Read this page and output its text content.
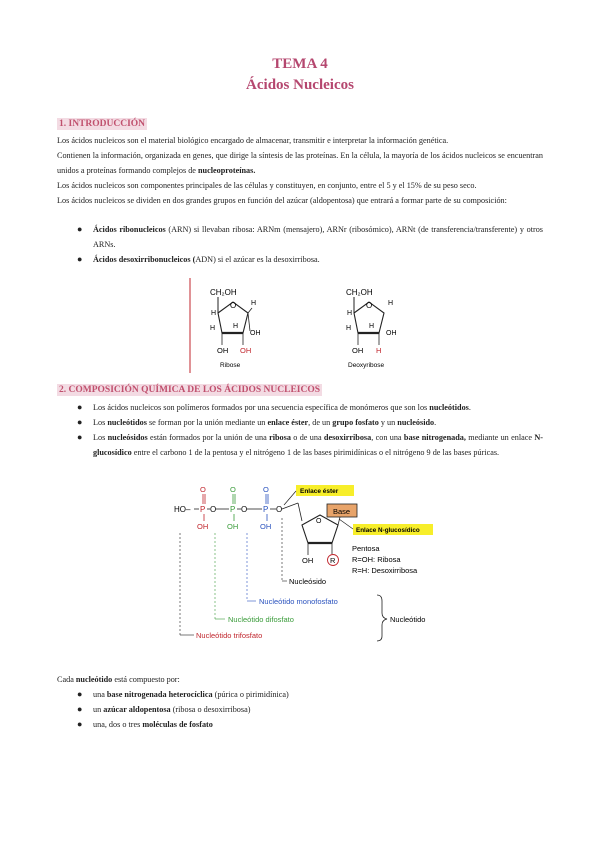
TEMA 4
Ácidos Nucleicos
1. INTRODUCCIÓN
Los ácidos nucleicos son el material biológico encargado de almacenar, transmitir e interpretar la información genética.
Contienen la información, organizada en genes, que dirige la síntesis de las proteínas. En la célula, la mayoría de los ácidos nucleicos se encuentran unidos a proteínas formando complejos de nucleoproteínas.
Los ácidos nucleicos son componentes principales de las células y constituyen, en conjunto, entre el 5 y el 15% de su peso seco.
Los ácidos nucleicos se dividen en dos grandes grupos en función del azúcar (aldopentosa) que entrará a formar parte de su composición:
● Ácidos ribonucleicos (ARN) si llevaban ribosa: ARNm (mensajero), ARNr (ribosómico), ARNt (de transferencia/transferente) y otros ARNs.
● Ácidos desoxirribonucleicos (ADN) si el azúcar es la desoxirribosa.
CH₂OH
O
H
H
OH
H	H
OH OH
Ribose
CH₂OH
O
H
H
OH
H	H
OH H
Deoxyribose
2. COMPOSICIÓN QUÍMICA DE LOS ÁCIDOS NUCLEICOS
● Los ácidos nucleicos son polímeros formados por una secuencia específica de monómeros que son los nucleótidos.
● Los nucleótidos se forman por la unión mediante un enlace éster, de un grupo fosfato y un nucleósido.
● Los nucleósidos están formados por la unión de una ribosa o de una desoxirribosa, con una base nitrogenada, mediante un enlace N-glucosídico entre el carbono 1 de la pentosa y el nitrógeno 1 de las bases pirimidínicas o el nitrógeno 9 de las bases púricas.
HO–
O
P
OH
O
O
P
OH
O
O
P
OH
O
Enlace éster
Base
Enlace N-glucosídico
O
OH R
Pentosa
R=OH: Ribosa
R=H: Desoxirribosa
Nucleósido
Nucleótido monofosfato
Nucleótido difosfato
Nucleótido trifosfato
Nucleótido
Cada nucleótido está compuesto por:
● una base nitrogenada heterocíclica (púrica o pirimidínica)
● un azúcar aldopentosa (ribosa o desoxirribosa)
● una, dos o tres moléculas de fosfato
